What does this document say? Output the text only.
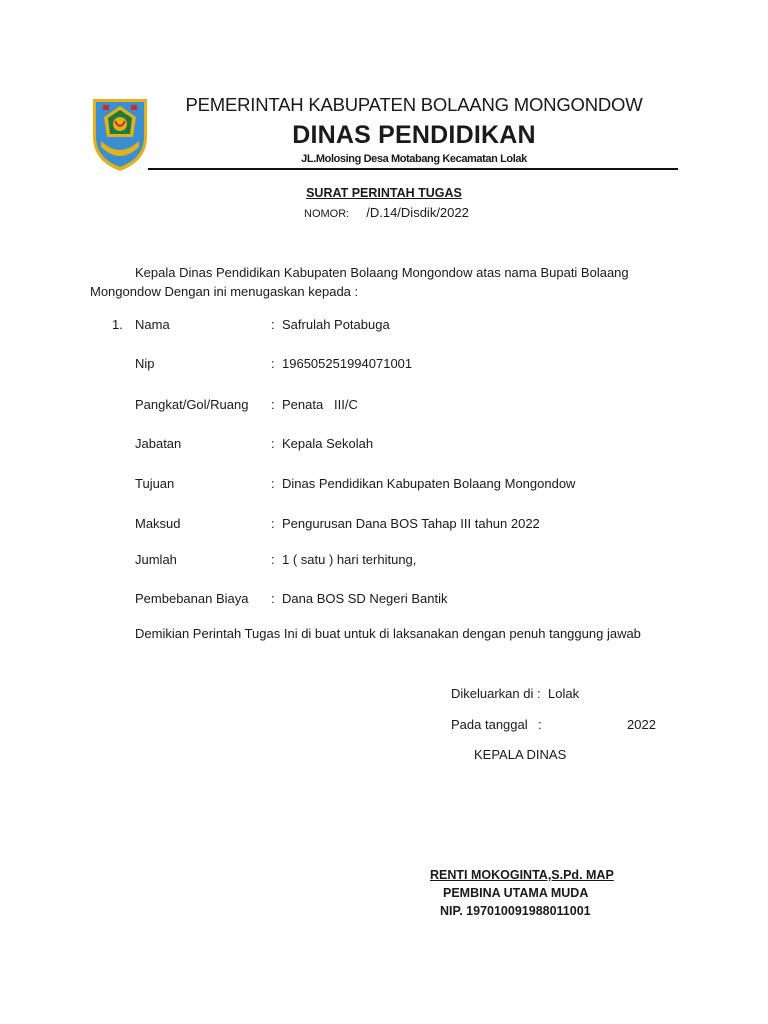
PEMERINTAH KABUPATEN BOLAANG MONGONDOW
DINAS PENDIDIKAN
JL.Molosing Desa Motabang Kecamatan Lolak
SURAT PERINTAH TUGAS
NOMOR: /D.14/Disdik/2022
Kepala Dinas Pendidikan Kabupaten Bolaang Mongondow atas nama Bupati Bolaang
Mongondow Dengan ini menugaskan kepada :
1. Nama	: Safrulah Potabuga
Nip	: 196505251994071001
Pangkat/Gol/Ruang : Penata   III/C
Jabatan	: Kepala Sekolah
Tujuan	: Dinas Pendidikan Kabupaten Bolaang Mongondow
Maksud	: Pengurusan Dana BOS Tahap III tahun 2022
Jumlah	: 1 ( satu ) hari terhitung,
Pembebanan Biaya : Dana BOS SD Negeri Bantik
Demikian Perintah Tugas Ini di buat untuk di laksanakan dengan penuh tanggung jawab
Dikeluarkan di : Lolak
Pada tanggal :	2022
KEPALA DINAS
RENTI MOKOGINTA,S.Pd. MAP
PEMBINA UTAMA MUDA
NIP. 197010091988011001
